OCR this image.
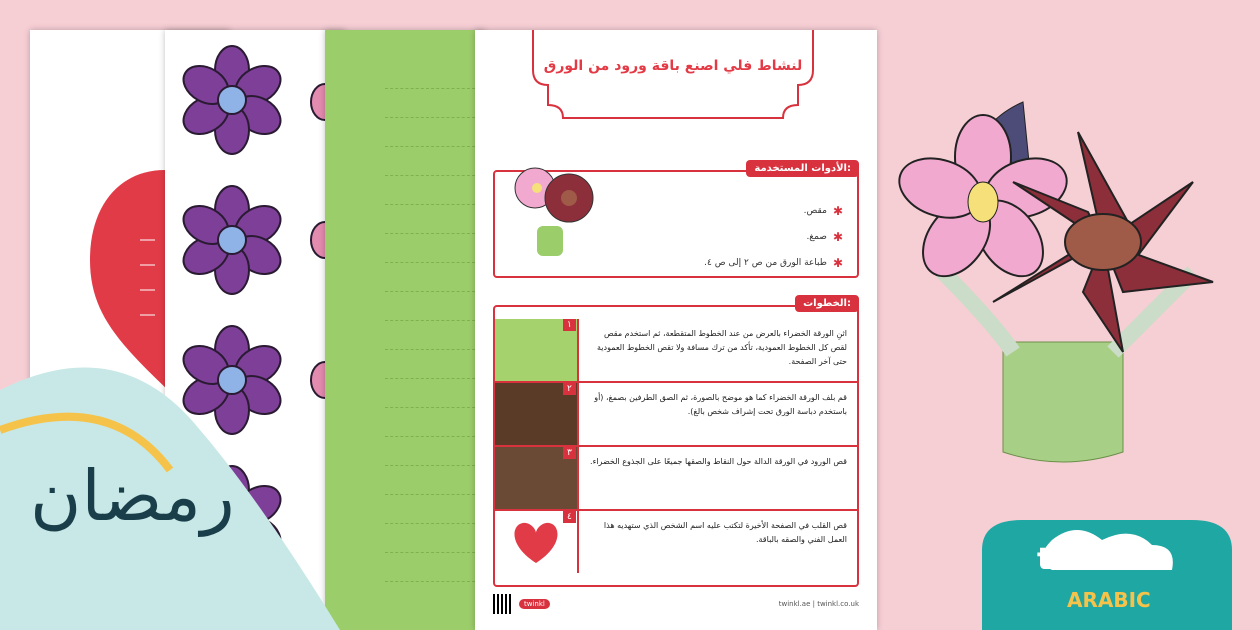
لنشاط فلي اصنع باقة ورود من الورق
الأدوات المستخدمة:
✱
مقص.
✱
صمغ.
✱
طباعة الورق من ص ٢ إلى ص ٤.
الخطوات:
١
اثنِ الورقة الخضراء بالعرض من عند الخطوط المتقطعة، ثم استخدم مقص لقص كل الخطوط العمودية، تأكد من ترك مسافة ولا تقص الخطوط العمودية حتى آخر الصفحة.
٢
قم بلف الورقة الخضراء كما هو موضح بالصورة، ثم الصق الطرفين بصمغ، (أو باستخدم دباسة الورق تحت إشراف شخص بالغ).
٣
قص الورود في الورقة الدالة حول النقاط والصقها جميعًا على الجذوع الخضراء.
٤
قص القلب في الصفحة الأخيرة لتكتب عليه اسم الشخص الذي ستهديه هذا العمل الفني والصقه بالباقة.
twinkl	twinkl.ae | twinkl.co.uk
رمضان
twinkl
ARABIC
